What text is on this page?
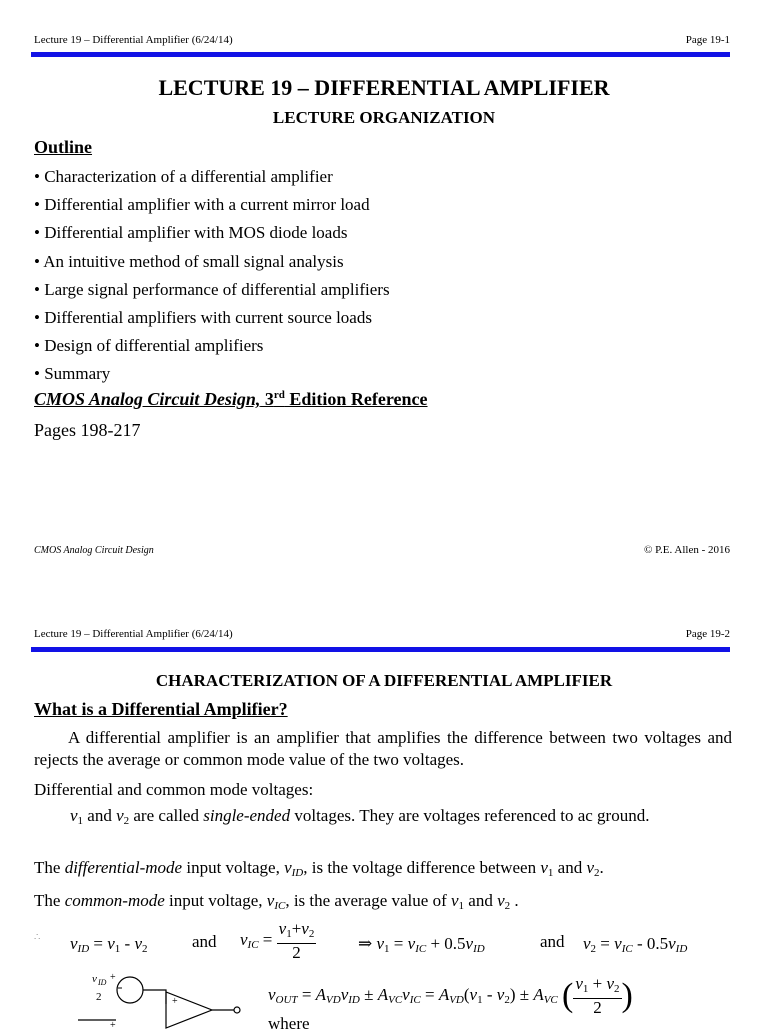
Lecture 19 – Differential Amplifier (6/24/14)	Page 19-1
LECTURE 19 – DIFFERENTIAL AMPLIFIER
LECTURE ORGANIZATION
Outline
• Characterization of a differential amplifier
• Differential amplifier with a current mirror load
• Differential amplifier with MOS diode loads
• An intuitive method of small signal analysis
• Large signal performance of differential amplifiers
• Differential amplifiers with current source loads
• Design of differential amplifiers
• Summary
CMOS Analog Circuit Design, 3rd Edition Reference
Pages 198-217
CMOS Analog Circuit Design	© P.E. Allen - 2016
Lecture 19 – Differential Amplifier (6/24/14)	Page 19-2
CHARACTERIZATION OF A DIFFERENTIAL AMPLIFIER
What is a Differential Amplifier?
A differential amplifier is an amplifier that amplifies the difference between two voltages and rejects the average or common mode value of the two voltages.
Differential and common mode voltages:
$v_1$ and $v_2$ are called single-ended voltages. They are voltages referenced to ac ground.
The differential-mode input voltage, $v_{ID}$, is the voltage difference between $v_1$ and $v_2$.
The common-mode input voltage, $v_{IC}$, is the average value of $v_1$ and $v_2$ .
∴ $v_{ID} = v_1 - v_2$	and $v_{IC} = \frac{v_1+v_2}{2}$ ⇒ $v_1 = v_{IC} + 0.5v_{ID}$	and $v_2 = v_{IC} - 0.5v_{ID}$
$v_{OUT} = A_{VD}v_{ID} \pm A_{VC}v_{IC} = A_{VD}(v_1 - v_2) \pm A_{VC}$ ( $\frac{v_1 + v_2}{2}$ )
where
v ID +
2	+
+
